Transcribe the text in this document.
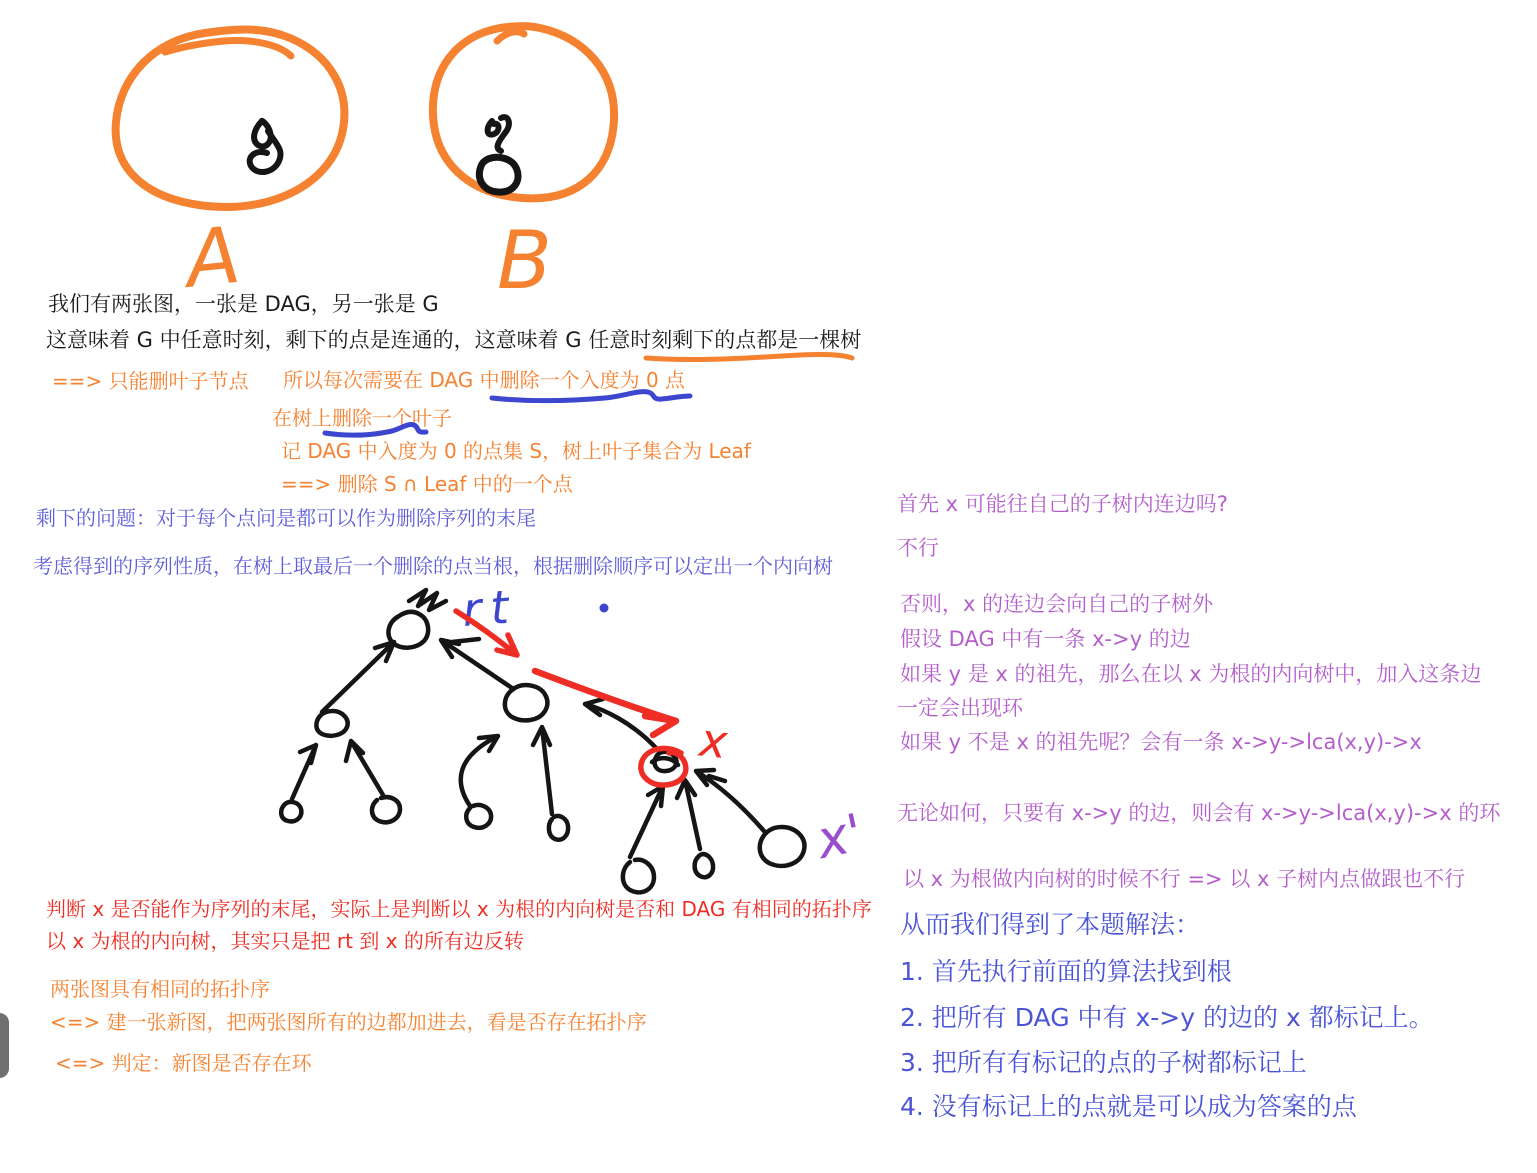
我们有两张图，一张是 DAG，另一张是 G
这意味着 G 中任意时刻，剩下的点是连通的，这意味着 G 任意时刻剩下的点都是一棵树
==> 只能删叶子节点 所以每次需要在 DAG 中删除一个入度为 0 点
在树上删除一个叶子
记 DAG 中入度为 0 的点集 S，树上叶子集合为 Leaf
==> 删除 S ∩ Leaf 中的一个点
剩下的问题：对于每个点问是都可以作为删除序列的末尾
考虑得到的序列性质，在树上取最后一个删除的点当根，根据删除顺序可以定出一个内向树
判断 x 是否能作为序列的末尾，实际上是判断以 x 为根的内向树是否和 DAG 有相同的拓扑序
以 x 为根的内向树，其实只是把 rt 到 x 的所有边反转
两张图具有相同的拓扑序
<=> 建一张新图，把两张图所有的边都加进去，看是否存在拓扑序
<=> 判定：新图是否存在环
首先 x 可能往自己的子树内连边吗?
不行
否则，x 的连边会向自己的子树外
假设 DAG 中有一条 x->y 的边
如果 y 是 x 的祖先，那么在以 x 为根的内向树中，加入这条边
一定会出现环
如果 y 不是 x 的祖先呢？会有一条 x->y->lca(x,y)->x
无论如何，只要有 x->y 的边，则会有 x->y->lca(x,y)->x 的环
以 x 为根做内向树的时候不行 => 以 x 子树内点做跟也不行
从而我们得到了本题解法：
1. 首先执行前面的算法找到根
2. 把所有 DAG 中有 x->y 的边的 x 都标记上。
3. 把所有有标记的点的子树都标记上
4. 没有标记上的点就是可以成为答案的点
A	B
rt
x
x'
